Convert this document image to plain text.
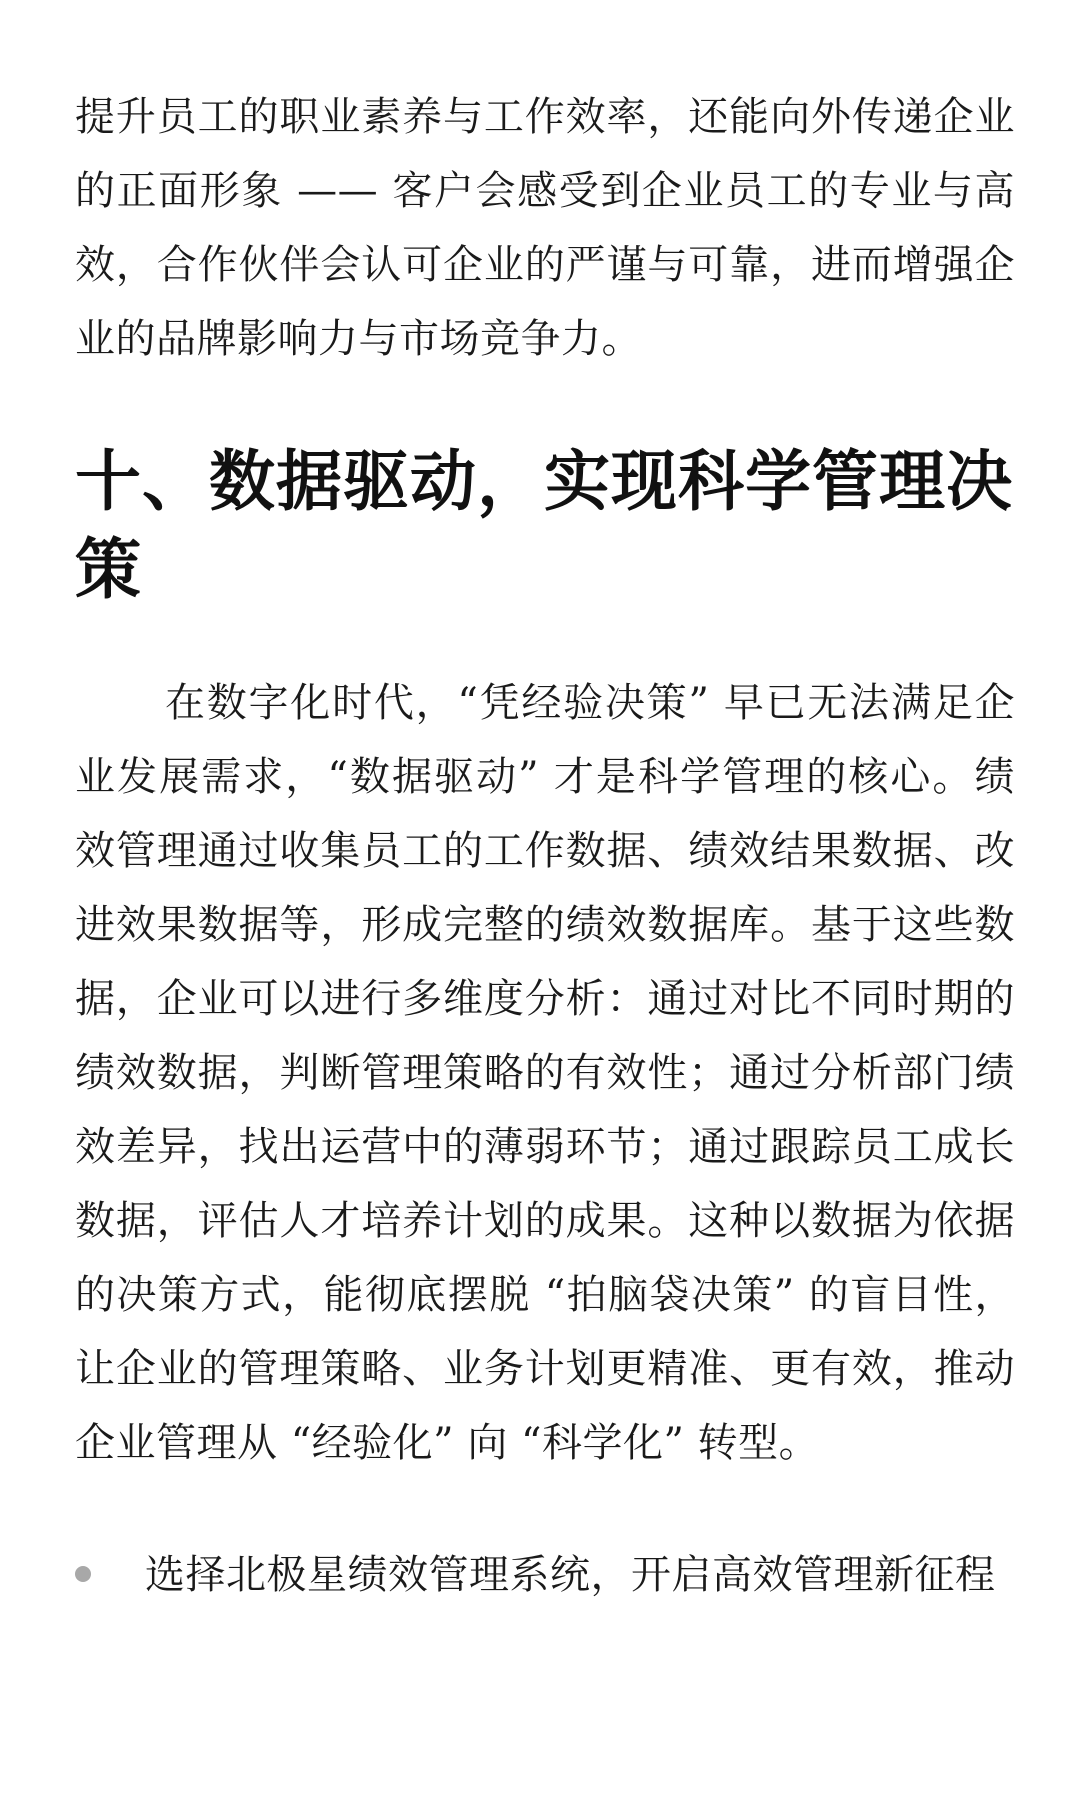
提升员工的职业素养与工作效率，还能向外传递企业的正面形象 —— 客户会感受到企业员工的专业与高效，合作伙伴会认可企业的严谨与可靠，进而增强企业的品牌影响力与市场竞争力。

十、数据驱动，实现科学管理决策

在数字化时代，“凭经验决策” 早已无法满足企业发展需求，“数据驱动” 才是科学管理的核心。绩效管理通过收集员工的工作数据、绩效结果数据、改进效果数据等，形成完整的绩效数据库。基于这些数据，企业可以进行多维度分析：通过对比不同时期的绩效数据，判断管理策略的有效性；通过分析部门绩效差异，找出运营中的薄弱环节；通过跟踪员工成长数据，评估人才培养计划的成果。这种以数据为依据的决策方式，能彻底摆脱 “拍脑袋决策” 的盲目性，让企业的管理策略、业务计划更精准、更有效，推动企业管理从 “经验化” 向 “科学化” 转型。

选择北极星绩效管理系统，开启高效管理新征程
